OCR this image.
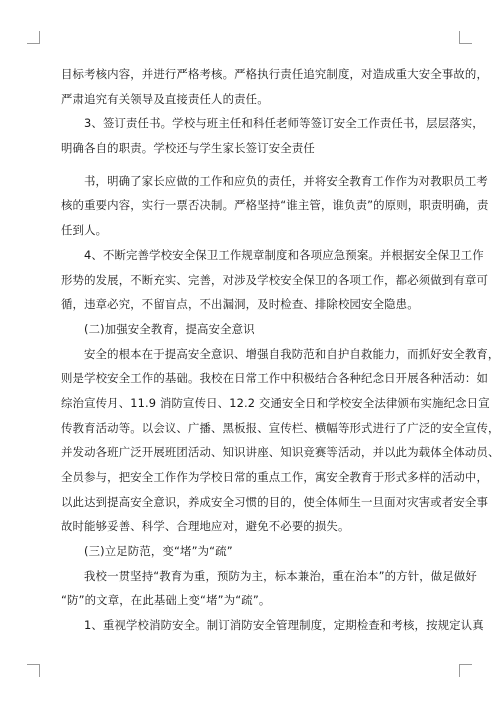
目标考核内容，并进行严格考核。严格执行责任追究制度，对造成重大安全事故的，
严肃追究有关领导及直接责任人的责任。
3、签订责任书。学校与班主任和科任老师等签订安全工作责任书，层层落实，
明确各自的职责。学校还与学生家长签订安全责任
书，明确了家长应做的工作和应负的责任，并将安全教育工作作为对教职员工考
核的重要内容，实行一票否决制。严格坚持“谁主管，谁负责”的原则，职责明确，责
任到人。
4、不断完善学校安全保卫工作规章制度和各项应急预案。并根据安全保卫工作
形势的发展，不断充实、完善，对涉及学校安全保卫的各项工作，都必须做到有章可
循，违章必究，不留盲点，不出漏洞，及时检查、排除校园安全隐患。
(二)加强安全教育，提高安全意识
安全的根本在于提高安全意识、增强自我防范和自护自救能力，而抓好安全教育，
则是学校安全工作的基础。我校在日常工作中积极结合各种纪念日开展各种活动：如
综治宣传月、11.9 消防宣传日、12.2 交通安全日和学校安全法律颁布实施纪念日宣
传教育活动等。以会议、广播、黑板报、宣传栏、横幅等形式进行了广泛的安全宣传，
并发动各班广泛开展班团活动、知识讲座、知识竞赛等活动，并以此为载体全体动员、
全员参与，把安全工作作为学校日常的重点工作，寓安全教育于形式多样的活动中，
以此达到提高安全意识，养成安全习惯的目的，使全体师生一旦面对灾害或者安全事
故时能够妥善、科学、合理地应对，避免不必要的损失。
(三)立足防范，变“堵”为“疏”
我校一贯坚持“教育为重，预防为主，标本兼治，重在治本”的方针，做足做好
“防”的文章，在此基础上变“堵”为“疏”。
1、重视学校消防安全。制订消防安全管理制度，定期检查和考核，按规定认真
